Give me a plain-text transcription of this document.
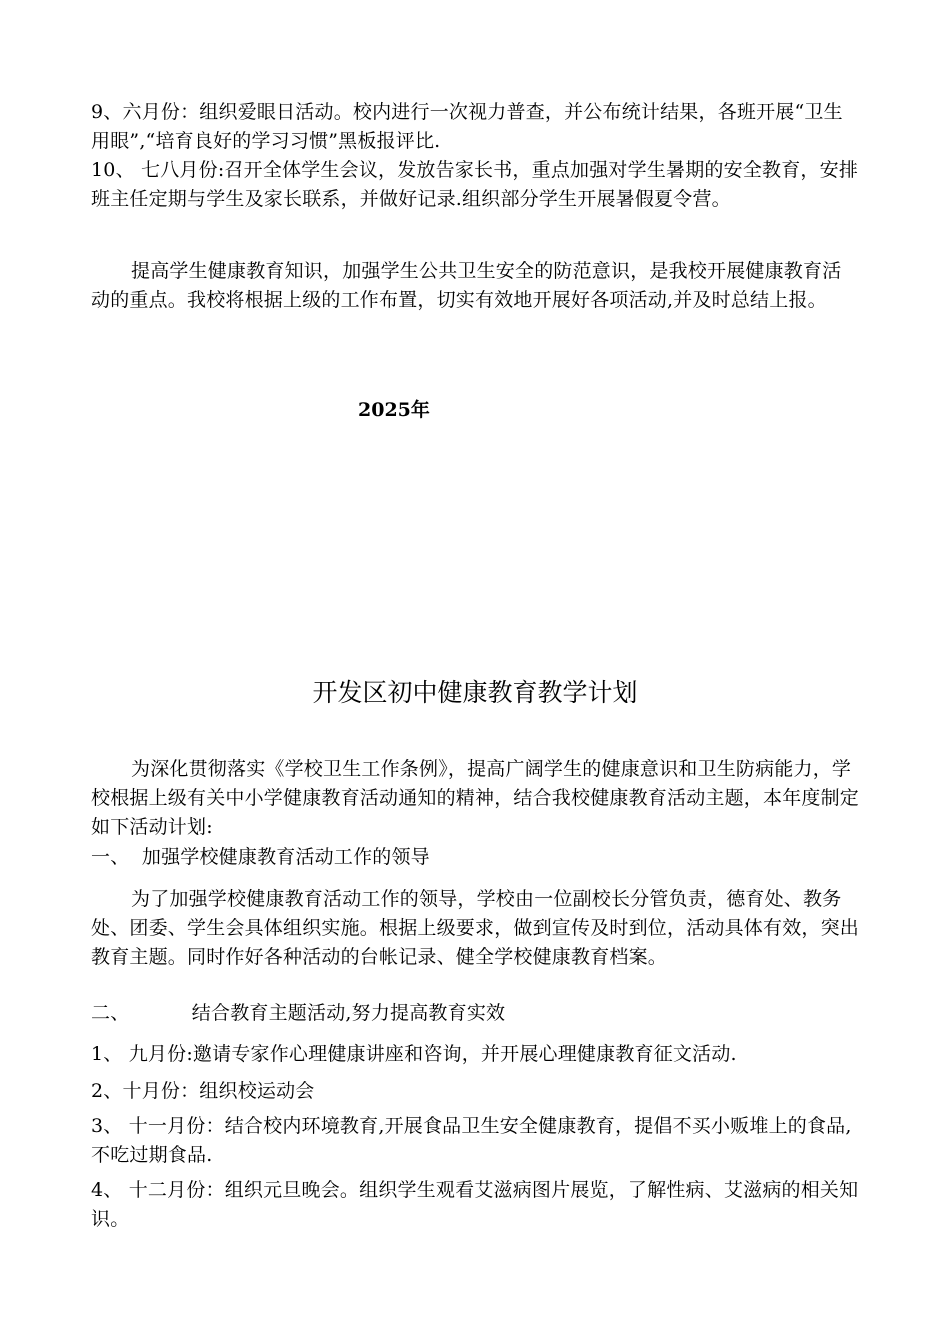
9、六月份：组织爱眼日活动。校内进行一次视力普查，并公布统计结果，各班开展“卫生用眼”,“培育良好的学习习惯”黑板报评比.

10、 七八月份:召开全体学生会议，发放告家长书，重点加强对学生暑期的安全教育，安排班主任定期与学生及家长联系，并做好记录.组织部分学生开展暑假夏令营。

提高学生健康教育知识，加强学生公共卫生安全的防范意识，是我校开展健康教育活动的重点。我校将根据上级的工作布置，切实有效地开展好各项活动,并及时总结上报。

2025年
开发区初中健康教育教学计划

为深化贯彻落实《学校卫生工作条例》，提高广阔学生的健康意识和卫生防病能力，学校根据上级有关中小学健康教育活动通知的精神，结合我校健康教育活动主题，本年度制定如下活动计划:

一、  加强学校健康教育活动工作的领导

为了加强学校健康教育活动工作的领导，学校由一位副校长分管负责，德育处、教务处、团委、学生会具体组织实施。根据上级要求，做到宣传及时到位，活动具体有效，突出教育主题。同时作好各种活动的台帐记录、健全学校健康教育档案。

二、          结合教育主题活动,努力提高教育实效

1、 九月份:邀请专家作心理健康讲座和咨询，并开展心理健康教育征文活动.

2、十月份：组织校运动会

3、 十一月份：结合校内环境教育,开展食品卫生安全健康教育，提倡不买小贩堆上的食品,不吃过期食品.

4、 十二月份：组织元旦晚会。组织学生观看艾滋病图片展览，了解性病、艾滋病的相关知识。
